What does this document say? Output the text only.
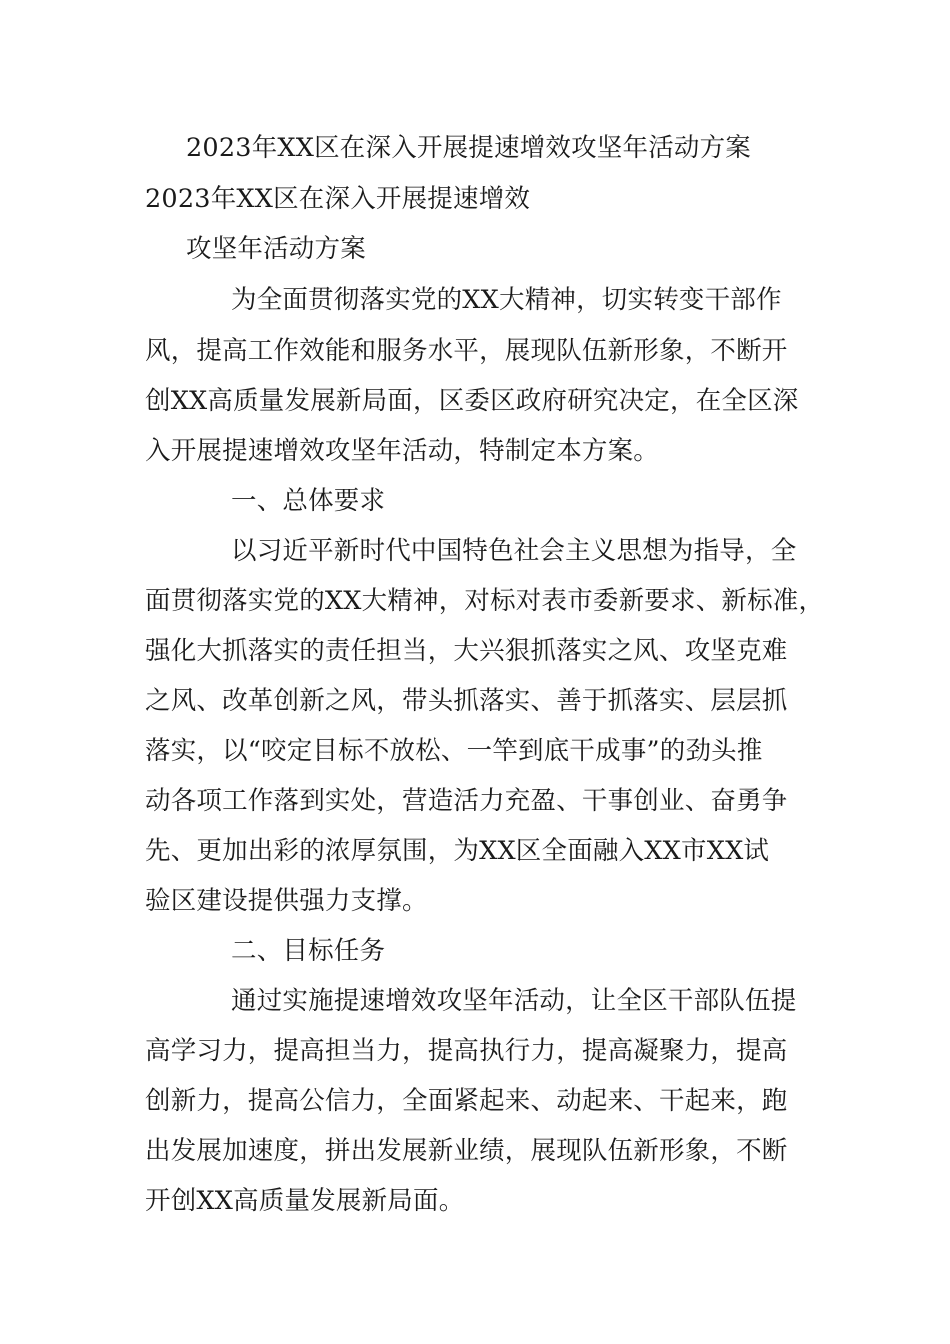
2023年XX区在深入开展提速增效攻坚年活动方案
2023年XX区在深入开展提速增效
攻坚年活动方案
为全面贯彻落实党的XX大精神，切实转变干部作
风，提高工作效能和服务水平，展现队伍新形象，不断开
创XX高质量发展新局面，区委区政府研究决定，在全区深
入开展提速增效攻坚年活动，特制定本方案。
一、总体要求
以习近平新时代中国特色社会主义思想为指导，全
面贯彻落实党的XX大精神，对标对表市委新要求、新标准，
强化大抓落实的责任担当，大兴狠抓落实之风、攻坚克难
之风、改革创新之风，带头抓落实、善于抓落实、层层抓
落实，以“咬定目标不放松、一竿到底干成事”的劲头推
动各项工作落到实处，营造活力充盈、干事创业、奋勇争
先、更加出彩的浓厚氛围，为XX区全面融入XX市XX试
验区建设提供强力支撑。
二、目标任务
通过实施提速增效攻坚年活动，让全区干部队伍提
高学习力，提高担当力，提高执行力，提高凝聚力，提高
创新力，提高公信力，全面紧起来、动起来、干起来，跑
出发展加速度，拼出发展新业绩，展现队伍新形象，不断
开创XX高质量发展新局面。
